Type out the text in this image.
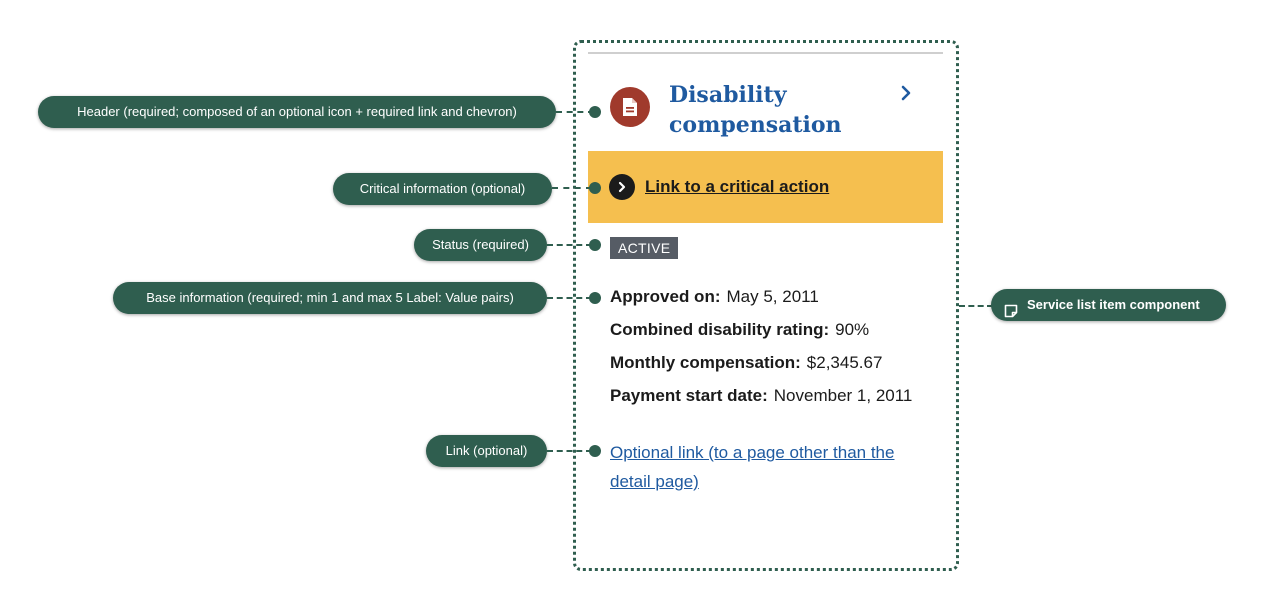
Disability compensation
Link to a critical action
ACTIVE
Approved on: May 5, 2011
Combined disability rating: 90%
Monthly compensation: $2,345.67
Payment start date: November 1, 2011
Optional link (to a page other than the detail page)
Header (required; composed of an optional icon + required link and chevron)
Critical information (optional)
Status (required)
Base information (required; min 1 and max 5 Label: Value pairs)
Link (optional)
Service list item component
